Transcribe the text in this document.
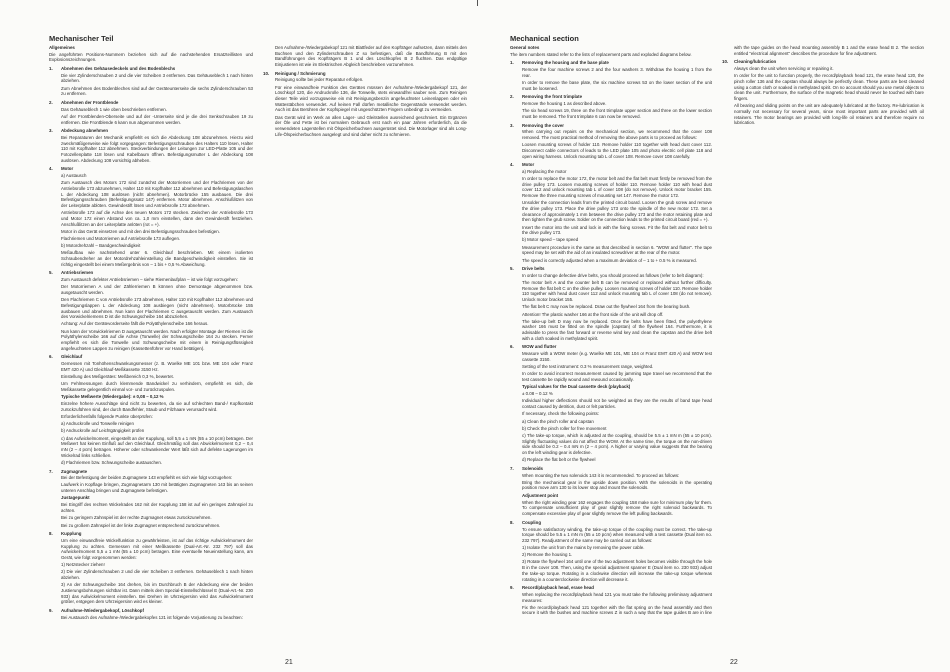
Mechanischer Teil
Allgemeines

Die angeführten Positions-Nummern beziehen sich auf die nachstehenden Ersatzteillisten und Explosionszeichnungen.

1.	Abnehmen des Gehäusedeckels und des Bodenblechs

Die vier Zylinderschrauben 2 und die vier Scheiben 3 entfernen. Das Gehäuseblech 1 nach hinten abziehen.

Zum Abnehmen des Bodenbleches sind auf der Geräteunterseite die sechs Zylinderschrauben 53 zu entfernen.

2.	Abnehmen der Frontblende

Das Gehäuseblech 1 wie oben beschrieben entfernen.

Auf der Frontblenden-Oberseite und auf der -Unterseite sind je die drei Senkschrauben 19 zu entfernen. Die Frontblende 6 kann nun abgenommen werden.

3.	Abdeckung abnehmen

Bei Reparaturen der Mechanik empfiehlt es sich die Abdeckung 108 abzunehmen. Hierzu wird zweckmäßigerweise wie folgt vorgegangen: Befestigungsschrauben des Halters 110 lösen, Halter 110 mit Kopfhalter 112 abnehmen. Steckverbindungen der Leitungen zur LED-Platte 105 und der Fotozellenplatte 118 lösen und Kabelbaum öffnen. Befestigungsmutter L der Abdeckung 108 auslösen. Abdeckung 108 vorsichtig abheben.

4.	Motor

a) Austausch

Zum Austausch des Motors 172 sind zunächst der Motorriemen und der Flachriemen von der Antriebsrolle 173 abzunehmen, Halter 110 mit Kopfhalter 112 abnehmen und Befestigungslaschen L der Abdeckung 108 auslösen (nicht abnehmen). Motorbrücke 155 ausbauen. Die drei Befestigungsschrauben (Befestigungssatz 147) entfernen. Motor abnehmen. Anschlußlitzen von der Leiterplatte ablöten. Gewindestift lösen und Antriebsrolle 173 abnehmen.

Antriebsrolle 173 auf die Achse des neuen Motors 172 stecken. Zwischen der Antriebsrolle 173 und Motor 172 einen Abstand von ca. 1,0 mm einstellen, dann den Gewindestift festziehen. Anschlußlitzen an der Leiterplatte anlöten (rot = +).

Motor in das Gerät einsetzen und mit den drei Befestigungsschrauben befestigen.

Flachriemen und Motorriemen auf Antriebsrolle 173 auflegen.

b) Motordrehzahl – Bandgeschwindigkeit

Meßaufbau wie nachstehend unter 6. Gleichlauf beschrieben. Mit einem isolierten Schraubendreher an der Motordrehzahleinstellung die Bandgeschwindigkeit einstellen. Sie ist richtig eingestellt bei einem Meßergebnis von – 1 bis + 0,5 % Abweichung.

5.	Antriebsriemen

Zum Austausch defekter Antriebsriemen – siehe Riemenlaufplan – ist wie folgt vorzugehen:

Der Motorriemen A und der Zählerriemen B können ohne Demontage abgenommen bzw. ausgetauscht werden.

Den Flachriemen C von Antriebsrolle 173 abnehmen, Halter 110 mit Kopfhalter 112 abnehmen und Befestigungslappen L der Abdeckung 108 ausbiegen (nicht abnehmen). Motorbrücke 155 ausbauen und abnehmen. Nun kann der Flachriemen C ausgetauscht werden. Zum Austausch des Vorwickelriemens D ist die Schwungscheibe 164 abzuziehen.

Achtung: Auf der Gerätevorderseite fällt die Polyäthylenscheibe 166 heraus.

Nun kann der Vorwickelriemen D ausgetauscht werden. Nach erfolgter Montage der Riemen ist die Polyäthylenscheibe 166 auf die Achse (Tonwelle) der Schwungscheibe 164 zu stecken. Ferner empfiehlt es sich die Tonwelle und Schwungscheibe mit einem in Reinigungsflüssigkeit angefeuchteten Lappen zu reinigen (Kassettenführer vor Hand betätigen).

6.	Gleichlauf

Gemessen mit Tonhöhenschwankungsmesser (z. B. Woelke ME 101 bzw. ME 104 oder Franz EMT 420 A) und Gleichlauf-Meßkassette 3150 Hz.

Einstellung des Meßgerätes: Meßbereich 0,3 %, bewertet.

Um Fehlmessungen durch klemmende Bandwickel zu verhindern, empfiehlt es sich, die Meßkassette gelegentlich einmal vor- und zurückzuspulen.

Typische Meßwerte (Wiedergabe): ± 0,08 – 0,12 %

Einzelne höhere Ausschläge sind nicht zu bewerten, da sie auf schlechten Band-/ Kopfkontakt zurückzuführen sind, der durch Bandfehler, Staub und Filzhaare verursacht wird.

Erforderlichenfalls folgende Punkte überprüfen:

a) Andruckrolle und Tonwelle reinigen

b) Andruckrolle auf Leichtgängigkeit prüfen

c) das Aufwickelmoment, eingestellt an der Kupplung, soll 5,5 ± 1 mN (55 ± 10 pcm) betragen. Der Meßwert hat keinen Einfluß auf den Gleichlauf. Gleichmäßig soll das Abwickelmoment 0,2 – 0,4 mN (2 – 4 pcm) betragen. Höherer oder schwankender Wert läßt sich auf defekte Lagerungen im Wickelrad links schließen.

d) Flachriemen bzw. Schwungscheibe austauschen.

7.	Zugmagnete

Bei der Befestigung der beiden Zugmagnete 143 empfiehlt es sich wie folgt vorzugehen:

Laufwerk in Kopflage bringen, Zugmagnetarm 130 mit betätigten Zugmagneten 143 bis an seinen unteren Anschlag bringen und Zugmagnete befestigen.

Justagepunkt

Bei Eingriff des rechten Wickelrades 162 mit der Kupplung 158 ist auf ein geringes Zahnspiel zu achten.

Bei zu geringem Zahnspiel ist der rechte Zugmagnet etwas zurückzunehmen.

Bei zu großem Zahnspiel ist der linke Zugmagnet entsprechend zurückzunehmen.

8.	Kupplung

Um eine einwandfreie Wickelfunktion zu gewährleisten, ist auf das richtige Aufwickelmoment der Kupplung zu achten. Gemessen mit einer Meßkassette (Dual-Art.-Nr. 232 797) soll das Aufwickelmoment 5,5 ± 1 mN (55 ± 10 pcm) betragen. Eine eventuelle Neueinstellung kann, am Gerät, wie folgt vorgenommen werden:

1) Netzstecker ziehen!

2) Die vier Zylinderschrauben 2 und die vier Scheiben 3 entfernen. Gehäuseblech 1 nach hinten abziehen.

3) An der Schwungscheibe 164 drehen, bis im Durchbruch B der Abdeckung eine der beiden Justierungsbohrungen sichtbar ist. Dann mittels dem Spezial-Einstellschlüssel E (Dual-Art.-Nr. 230 933) das Aufwickelmoment einstellen. Bei Drehen im Uhrzeigersinn wird das Aufwickelmoment größer, entgegen dem Uhrzeigersinn wird es kleiner.

9.	Aufnahme-/Wiedergabekopf, Löschkopf

Bei Austausch des Aufnahme-/Wiedergabekopfes 121 ist folgende Vorjustierung zu beachten:

Den Aufnahme-/Wiedergabekopf 121 mit Blattfeder auf den Kopfträger aufsetzen, dann mittels den Buchsen und den Zylinderschrauben Z so befestigen, daß die Bandführung B mit den Bandführungen des Kopfträgers B 1 und des Löschkopfes B 2 fluchten. Das endgültige Einjustieren ist wie im Elektrischen Abgleich beschrieben vorzunehmen.

10.	Reinigung / Schmierung

Reinigung sollte bei jeder Reparatur erfolgen.

Für eine einwandfreie Funktion des Gerätes müssen der Aufnahme-/Wiedergabekopf 121, der Löschkopf 120, die Andruckrolle 136, die Tonwelle, stets einwandfrei sauber sein. Zum Reinigen dieser Teile wird vorzugsweise ein mit Reinigungsbenzin angefeuchteter Leinenlappen oder ein Wattestäbchen verwendet. Auf keinen Fall dürfen metallische Gegenstände verwendet werden. Auch ist das Berühren der Kopfspiegel mit ungeschützten Fingern unbedingt zu vermeiden.

Das Gerät wird im Werk an allen Lager- und Gleitstellen ausreichend geschmiert. Ein Ergänzen der Öle und Fette ist bei normalem Gebrauch erst nach ein paar Jahren erforderlich, da die verwendeten Lagerstellen mit Ölspeicherbuchsen ausgerüstet sind. Die Motorlager sind als Long-Life-Ölspeicherbuchsen ausgelegt und sind daher nicht zu schmieren.

21
Mechanical section
General notes

The item numbers stated refer to the lists of replacement parts and exploded diagrams below.

1.	Removing the housing and the base plate

Remove the four machine screws 2 and the four washers 3. Withdraw the housing 1 from the rear.

In order to remove the base plate, the six machine screws 53 on the lower section of the unit must be loosened.

2.	Removing the front trimplate

Remove the housing 1 as described above.

The six head screws 19, three on the front trimplate upper section and three on the lower section must be removed. The front trimplate 6 can now be removed.

3.	Removing the cover

When carrying out repairs on the mechanical section, we recommend that the cover 108 removed. The most practical method of removing the above parts is to proceed as follows:

Loosen mounting screws of holder 110. Remove holder 110 together with head dust cover 112. Disconnect cable connectors of leads to the LED plate 105 and photo electric cell plate 118 and open wiring harness. Unlock mounting tab L of cover 108. Remove cover 108 carefully.

4.	Motor

a) Replacing the motor

In order to replace the motor 172, the motor belt and the flat belt must firstly be removed from the drive pulley 173. Loosen mounting screws of holder 110. Remove holder 110 with head dust cover 112 and unlock mounting tab L of cover 108 (do not remove). Unlock motor bracket 155. Remove the three mounting screws of mounting set 147. Remove the motor 172.

Unsolder the connection leads from the printed circuit board. Loosen the grub screw and remove the drive pulley 173. Place the drive pulley 173 onto the spindle of the new motor 172. Set a clearance of approximately 1 mm between the drive pulley 173 and the motor retaining plate and then tighten the grub screw. Solder on the connection leads to the printed circuit board (red = +).

Insert the motor into the unit and lock in with the fixing screws. Fit the flat belt and motor belt to the drive pulley 173.

b) Motor speed – tape speed

Measurement procedure is the same as that described in section 6. "WOW and flutter". The tape speed may be set with the aid of an insulated screwdriver at the rear of the motor.

The speed is correctly adjusted when a maximum deviation of – 1 to + 0.5 % is measured.

5.	Drive belts

In order to change defective drive belts, you should proceed as follows (refer to belt diagram):

The motor belt A and the counter belt B can be removed or replaced without further difficulty. Remove the flat belt C on the drive pulley. Loosen mounting screws of holder 110. Remove holder 110 together with head dust cover 112 and unlock mounting tab L of cover 108 (do not remove). Unlock motor bracket 155.

The flat belt C may now be replaced. Draw out the flywheel 164 from the bearing bush.

Attention! The plastic washer 166 at the front side of the unit will drop off.

The take-up belt D may now be replaced. Once the belts have been fitted, the polyethylene washer 166 must be fitted on the spindle (capstan) of the flywheel 164. Furthermore, it is advisable to press the fast forward or reverse wind key and clean the capstan and the drive belt with a cloth soaked in methylated spirit.

6.	WOW and flutter

Measure with a WOW meter (e.g. Woelke ME 101, ME 104 or Franz EMT 420 A) and WOW test cassette 3150.

Setting of the test instrument: 0.3 % measurement range, weighted.

In order to avoid incorrect measurement caused by jamming tape travel we recommend that the test cassette be rapidly wound and rewound occasionally.

Typical values for the Dual cassette deck (playback)

± 0.08 – 0.12 %

Individual higher deflections should not be weighted as they are the results of band tape head contact caused by detrition, dust or felt particles.

If necessary, check the following points:

a) Clean the pinch roller and capstan

b) Check the pinch roller for free movement

c) The take-up torque, which is adjusted at the coupling, should be 5.5 ± 1 mN m (55 ± 10 pcm). Slightly fluctuating values do not affect the WOW. At the same time, the torque on the non-driven side should be 0.2 – 0.4 mN m (2 – 4 pcm). A higher or varying value suggests that the bearing on the left winding gear is defective.

d) Replace the flat belt or the flywheel

7.	Solenoids

When mounting the two solenoids 143 it is recommended. To proceed as follows:

Bring the mechanical gear in the upside down position. With the solenoids in the operating position move arm 130 to its lower stop and mount the solenoids.

Adjustment point

When the right winding gear 162 engages the coupling 158 make sure for minimum play for them. To compensate unsufficient play of gear slightly remove the right solenoid backwards. To compensate excessive play of gear slightly remove the left pulling backwards.

8.	Coupling

To ensure satisfactory winding, the take-up torque of the coupling must be correct. The take-up torque should be 5.5 ± 1 mN m (55 ± 10 pcm) when measured with a test cassette (Dual item no. 232 797). Readjustment of the same may be carried out as follows:

1) Isolate the unit from the mains by removing the power cable.

2) Remove the housing 1.

3) Rotate the flywheel 164 until one of the two adjustment holes becomes visible through the hole B in the cover 108. Then, using the special adjustment spanner E (Dual item no. 230 933) adjust the take-up torque. Rotating in a clockwise direction will increase the take-up torque whereas rotating in a counterclockwise direction will decrease it.

9.	Record/playback head, erase head

When replacing the record/playback head 121 you must take the following preliminary adjustment measures:

Fix the record/playback head 121 together with the flat spring on the head assembly and then secure it with the bushes and machine screws Z in such a way that the tape guides B are in line with the tape guides on the head mounting assembly B 1 and the erase head B 2. The section entitled "electrical alignment" describes the procedure for fine adjustment.

10.	Cleaning/lubrication

Always clean the unit when servicing or repairing it.

In order for the unit to function properly, the record/playback head 121, the erase head 120, the pinch roller 136 and the capstan should always be perfectly clean. These parts are best cleaned using a cotton cloth or soaked in methylated spirit. On no account should you use metal objects to clean the unit. Furthermore, the surface of the magnetic head should never be touched with bare fingers.

All bearing and sliding points on the unit are adequately lubricated at the factory. Re-lubrication is normally not necessary for several years, since most important parts are provided with oil retainers. The motor bearings are provided with long-life oil retainers and therefore require no lubrication.

22
